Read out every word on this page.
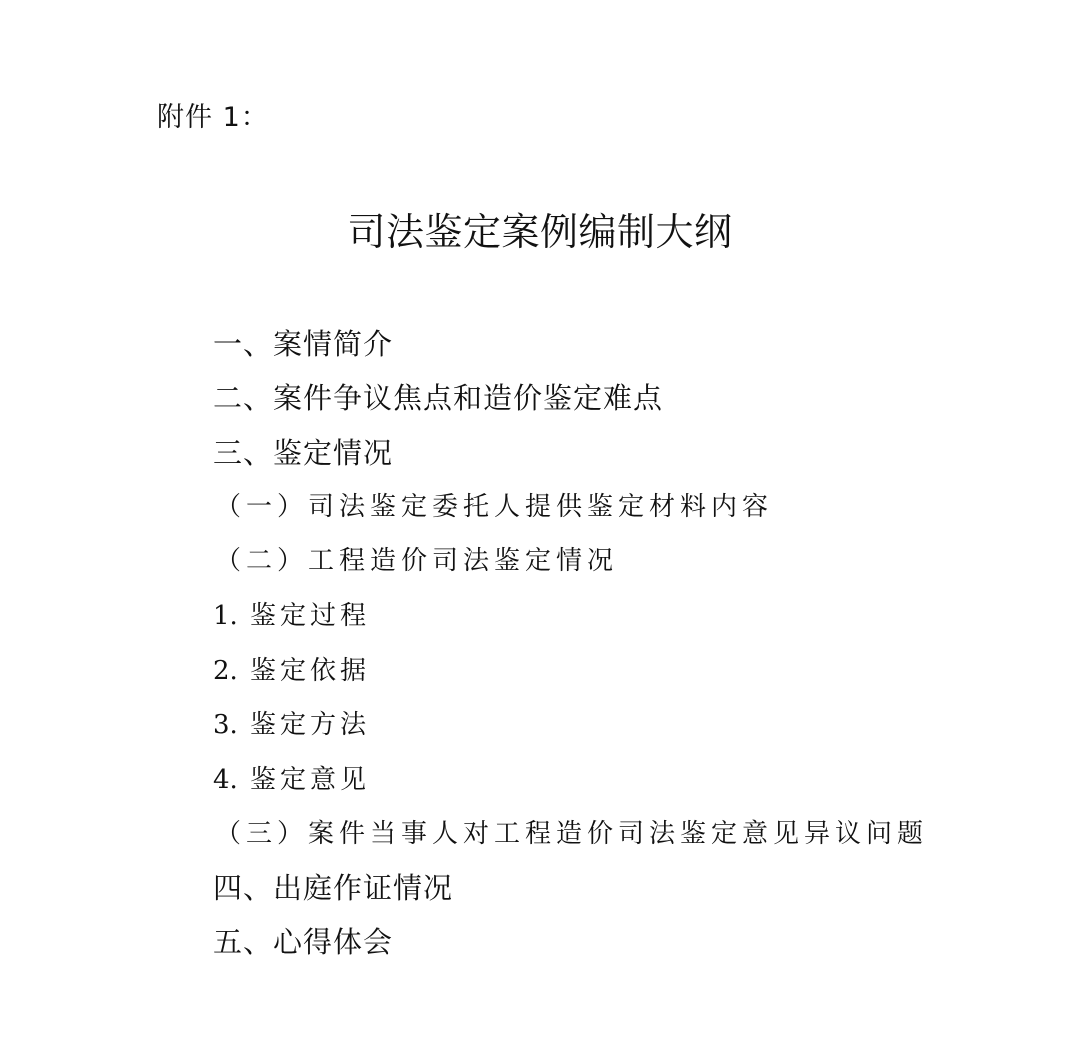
附件 1：
司法鉴定案例编制大纲
一、案情简介
二、案件争议焦点和造价鉴定难点
三、鉴定情况
（一）司法鉴定委托人提供鉴定材料内容
（二）工程造价司法鉴定情况
1. 鉴定过程
2. 鉴定依据
3. 鉴定方法
4. 鉴定意见
（三）案件当事人对工程造价司法鉴定意见异议问题
四、出庭作证情况
五、心得体会
